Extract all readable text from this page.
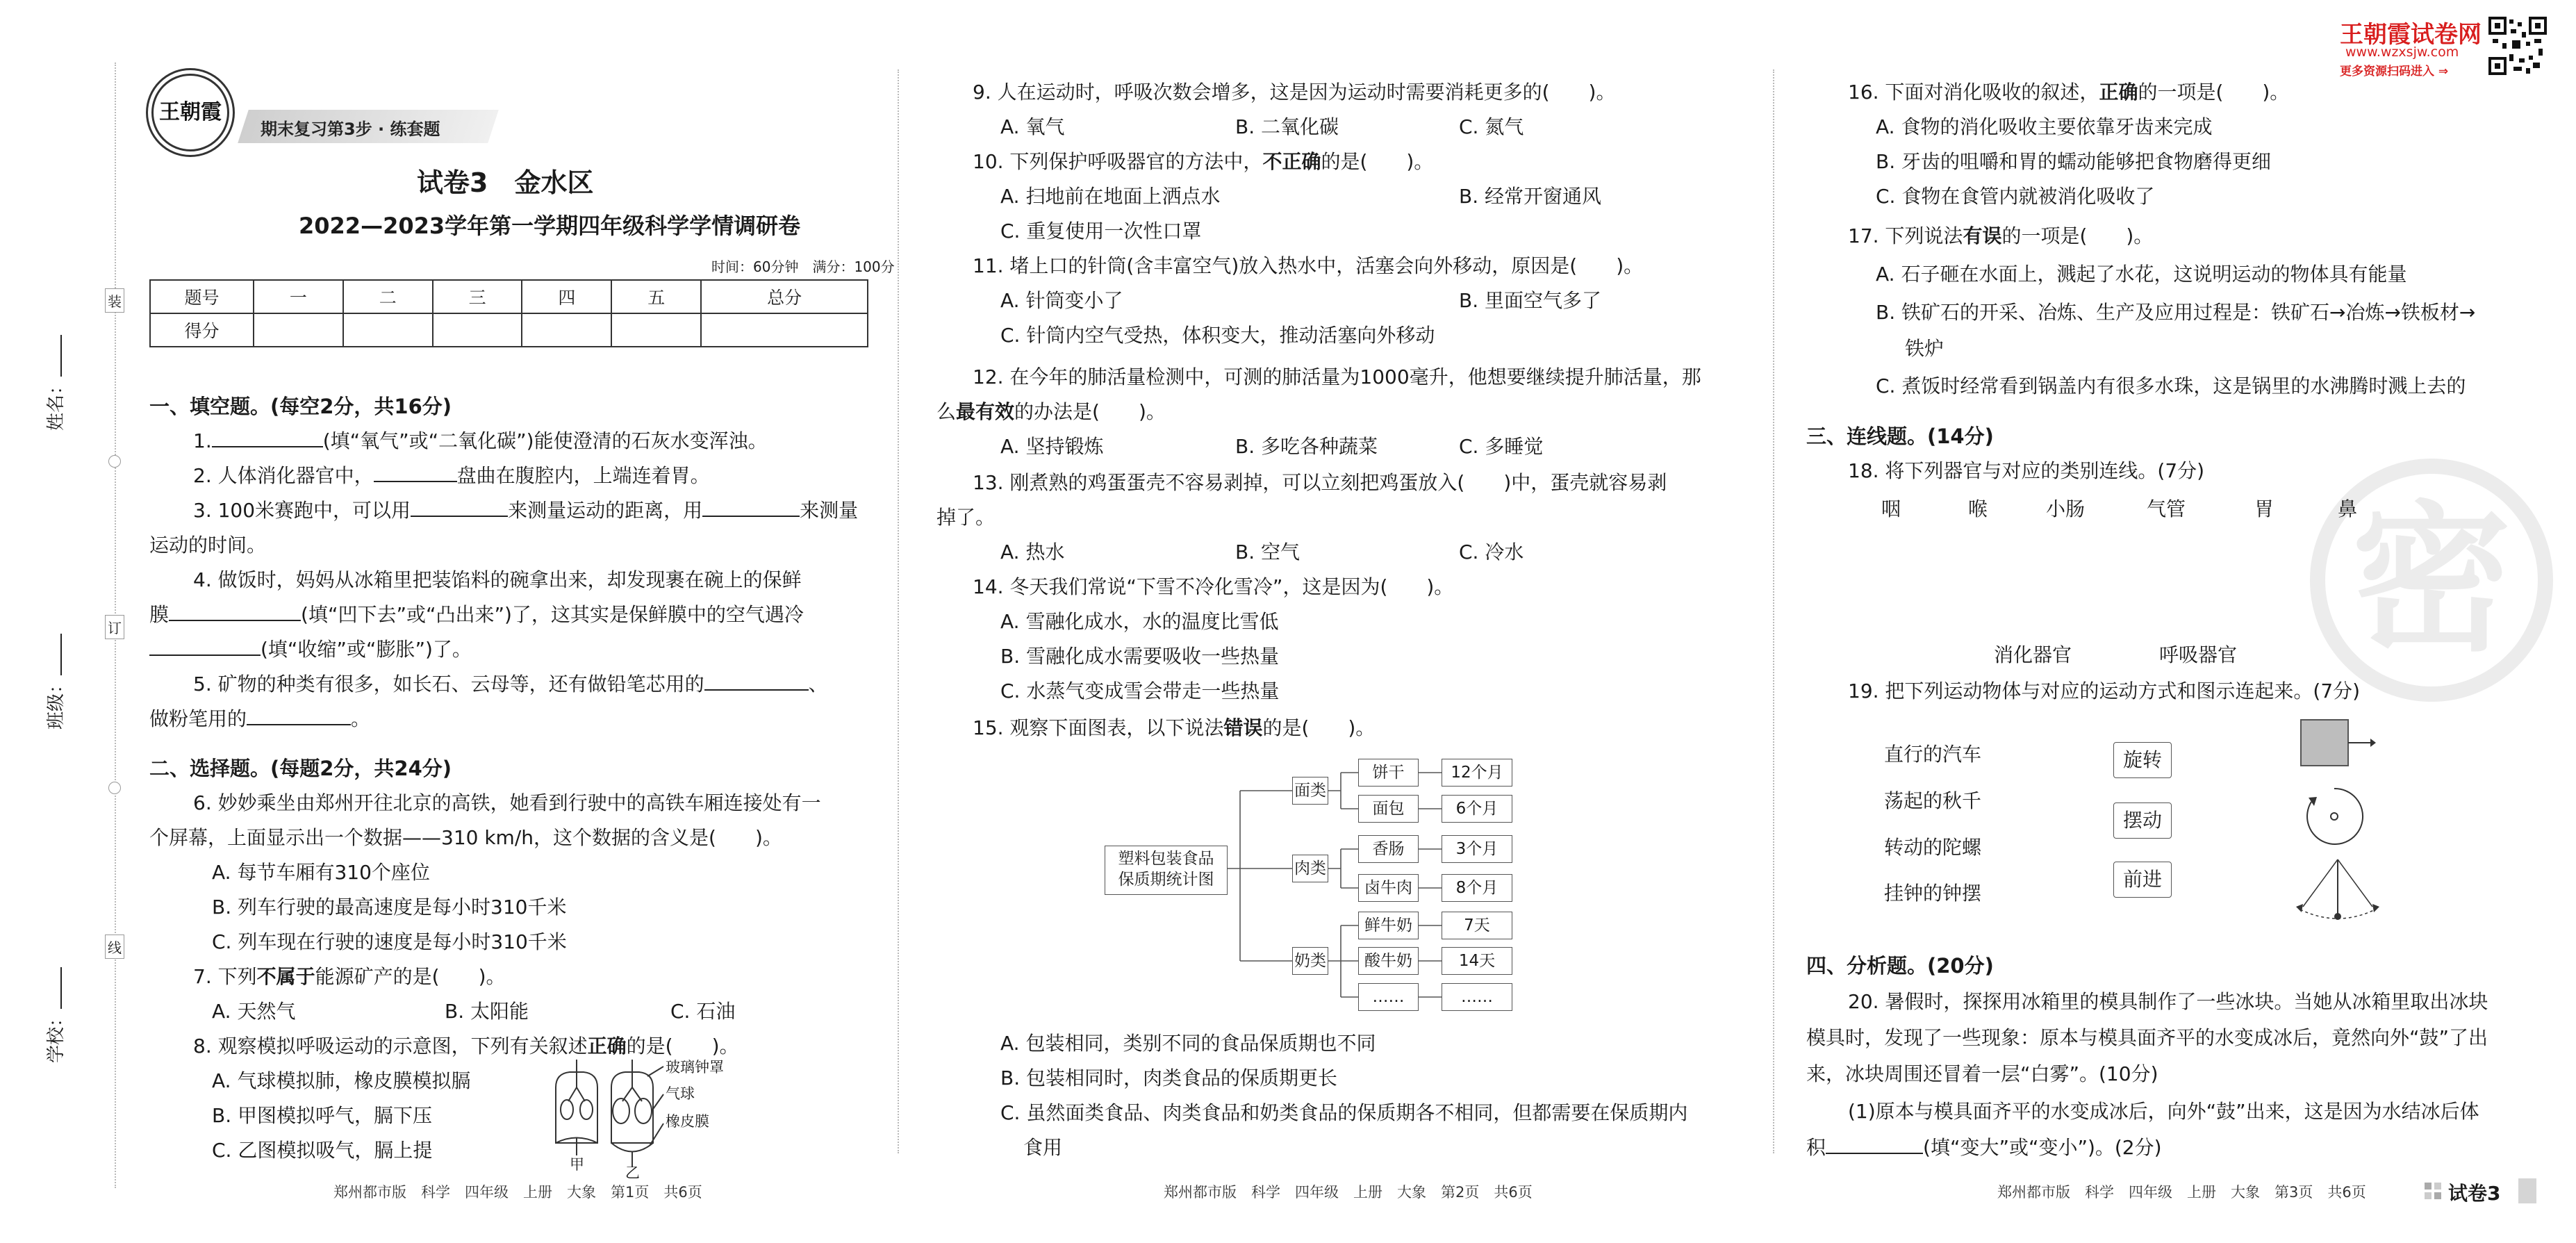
装
订
线
姓名：
班级：
学校：
王朝霞
期末复习第3步 · 练套题
密
王朝霞试卷网
www.wzxsjw.com
更多资源扫码进入 ⇒
试卷3　金水区
2022—2023学年第一学期四年级科学学情调研卷
时间：60分钟　满分：100分
题号	一	二	三	四	五	总分
得分						
一、填空题。(每空2分，共16分)
1.	(填“氧气”或“二氧化碳”)能使澄清的石灰水变浑浊。
2. 人体消化器官中，	盘曲在腹腔内，上端连着胃。
3. 100米赛跑中，可以用	来测量运动的距离，用	来测量
运动的时间。
4. 做饭时，妈妈从冰箱里把装馅料的碗拿出来，却发现裹在碗上的保鲜
膜	(填“凹下去”或“凸出来”)了，这其实是保鲜膜中的空气遇冷
(填“收缩”或“膨胀”)了。
5. 矿物的种类有很多，如长石、云母等，还有做铅笔芯用的	、
做粉笔用的	。
二、选择题。(每题2分，共24分)
6. 妙妙乘坐由郑州开往北京的高铁，她看到行驶中的高铁车厢连接处有一
个屏幕，上面显示出一个数据——310 km/h，这个数据的含义是(　　)。
A. 每节车厢有310个座位
B. 列车行驶的最高速度是每小时310千米
C. 列车现在行驶的速度是每小时310千米
7. 下列不属于能源矿产的是(　　)。
A. 天然气	B. 太阳能	C. 石油
8. 观察模拟呼吸运动的示意图，下列有关叙述正确的是(　　)。
A. 气球模拟肺，橡皮膜模拟膈
B. 甲图模拟呼气，膈下压
C. 乙图模拟吸气，膈上提
玻璃钟罩
气球
橡皮膜
甲	乙
郑州都市版　科学　四年级　上册　大象　第1页　共6页
9. 人在运动时，呼吸次数会增多，这是因为运动时需要消耗更多的(　　)。
A. 氧气	B. 二氧化碳	C. 氮气
10. 下列保护呼吸器官的方法中，不正确的是(　　)。
A. 扫地前在地面上洒点水	B. 经常开窗通风
C. 重复使用一次性口罩
11. 堵上口的针筒(含丰富空气)放入热水中，活塞会向外移动，原因是(　　)。
A. 针筒变小了	B. 里面空气多了
C. 针筒内空气受热，体积变大，推动活塞向外移动
12. 在今年的肺活量检测中，可测的肺活量为1000毫升，他想要继续提升肺活量，那
么最有效的办法是(　　)。
A. 坚持锻炼	B. 多吃各种蔬菜	C. 多睡觉
13. 刚煮熟的鸡蛋蛋壳不容易剥掉，可以立刻把鸡蛋放入(　　)中，蛋壳就容易剥
掉了。
A. 热水	B. 空气	C. 冷水
14. 冬天我们常说“下雪不冷化雪冷”，这是因为(　　)。
A. 雪融化成水，水的温度比雪低
B. 雪融化成水需要吸收一些热量
C. 水蒸气变成雪会带走一些热量
15. 观察下面图表，以下说法错误的是(　　)。
塑料包装食品
保质期统计图
面类
肉类
奶类
饼干
面包
香肠
卤牛肉
鲜牛奶
酸牛奶
……
12个月
6个月
3个月
8个月
7天
14天
……
A. 包装相同，类别不同的食品保质期也不同
B. 包装相同时，肉类食品的保质期更长
C. 虽然面类食品、肉类食品和奶类食品的保质期各不相同，但都需要在保质期内
食用
郑州都市版　科学　四年级　上册　大象　第2页　共6页
16. 下面对消化吸收的叙述，正确的一项是(　　)。
A. 食物的消化吸收主要依靠牙齿来完成
B. 牙齿的咀嚼和胃的蠕动能够把食物磨得更细
C. 食物在食管内就被消化吸收了
17. 下列说法有误的一项是(　　)。
A. 石子砸在水面上，溅起了水花，这说明运动的物体具有能量
B. 铁矿石的开采、冶炼、生产及应用过程是：铁矿石→冶炼→铁板材→
铁炉
C. 煮饭时经常看到锅盖内有很多水珠，这是锅里的水沸腾时溅上去的
三、连线题。(14分)
18. 将下列器官与对应的类别连线。(7分)
咽	喉	小肠	气管	胃	鼻
消化器官	呼吸器官
19. 把下列运动物体与对应的运动方式和图示连起来。(7分)
直行的汽车
荡起的秋千
转动的陀螺
挂钟的钟摆
旋转
摆动
前进
四、分析题。(20分)
20. 暑假时，探探用冰箱里的模具制作了一些冰块。当她从冰箱里取出冰块
模具时，发现了一些现象：原本与模具面齐平的水变成冰后，竟然向外“鼓”了出
来，冰块周围还冒着一层“白雾”。(10分)
(1)原本与模具面齐平的水变成冰后，向外“鼓”出来，这是因为水结冰后体
积	(填“变大”或“变小”)。(2分)
郑州都市版　科学　四年级　上册　大象　第3页　共6页	试卷3
